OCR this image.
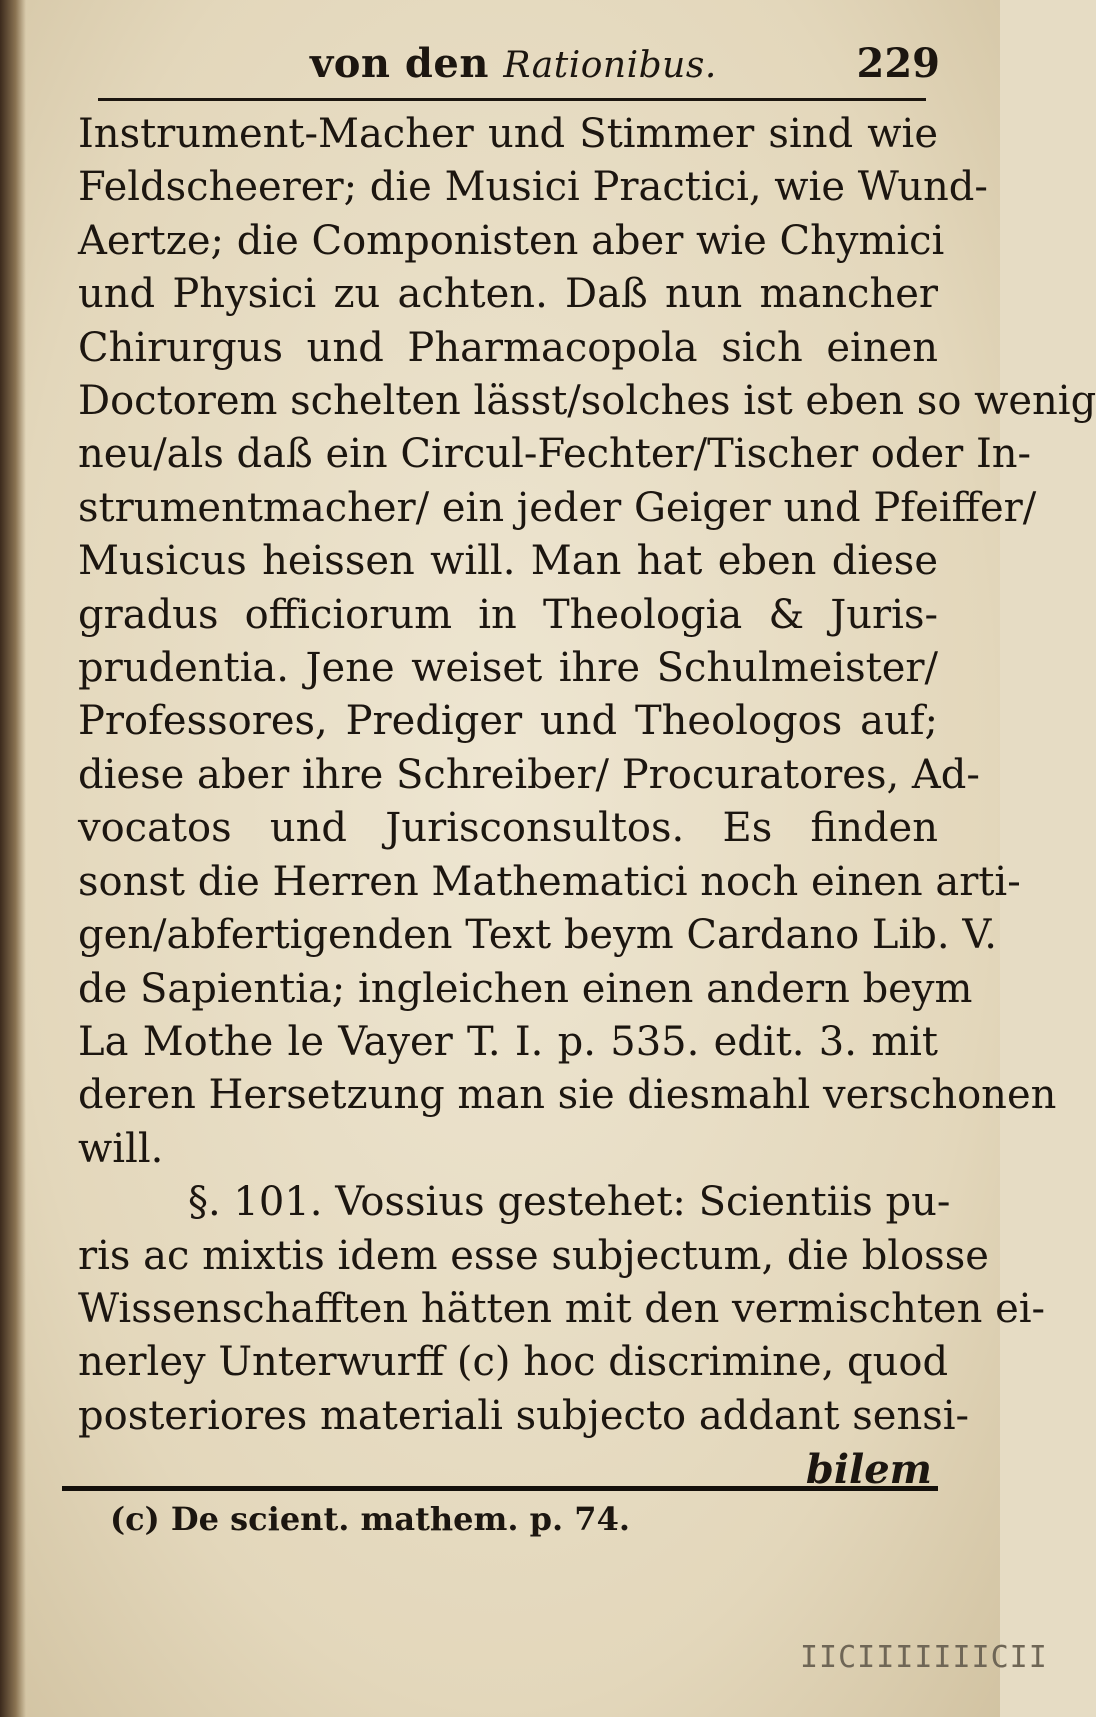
von den Rationibus.	229
Instrument-Macher und Stimmer sind wie
Feldscheerer; die Musici Practici, wie Wund-
Aertze; die Componisten aber wie Chymici
und Physici zu achten. Daß nun mancher
Chirurgus und Pharmacopola sich einen
Doctorem schelten lässt/solches ist eben so wenig
neu/als daß ein Circul-Fechter/Tischer oder In-
strumentmacher/ ein jeder Geiger und Pfeiffer/
Musicus heissen will. Man hat eben diese
gradus officiorum in Theologia & Juris-
prudentia. Jene weiset ihre Schulmeister/
Professores, Prediger und Theologos auf;
diese aber ihre Schreiber/ Procuratores, Ad-
vocatos und Jurisconsultos. Es finden
sonst die Herren Mathematici noch einen arti-
gen/abfertigenden Text beym Cardano Lib. V.
de Sapientia; ingleichen einen andern beym
La Mothe le Vayer T. I. p. 535. edit. 3. mit
deren Hersetzung man sie diesmahl verschonen
will.
§. 101. Vossius gestehet: Scientiis pu-
ris ac mixtis idem esse subjectum, die blosse
Wissenschafften hätten mit den vermischten ei-
nerley Unterwurff (c) hoc discrimine, quod
posteriores materiali subjecto addant sensi-
bilem
(c) De scient. mathem. p. 74.
IICIIIIIIICII
